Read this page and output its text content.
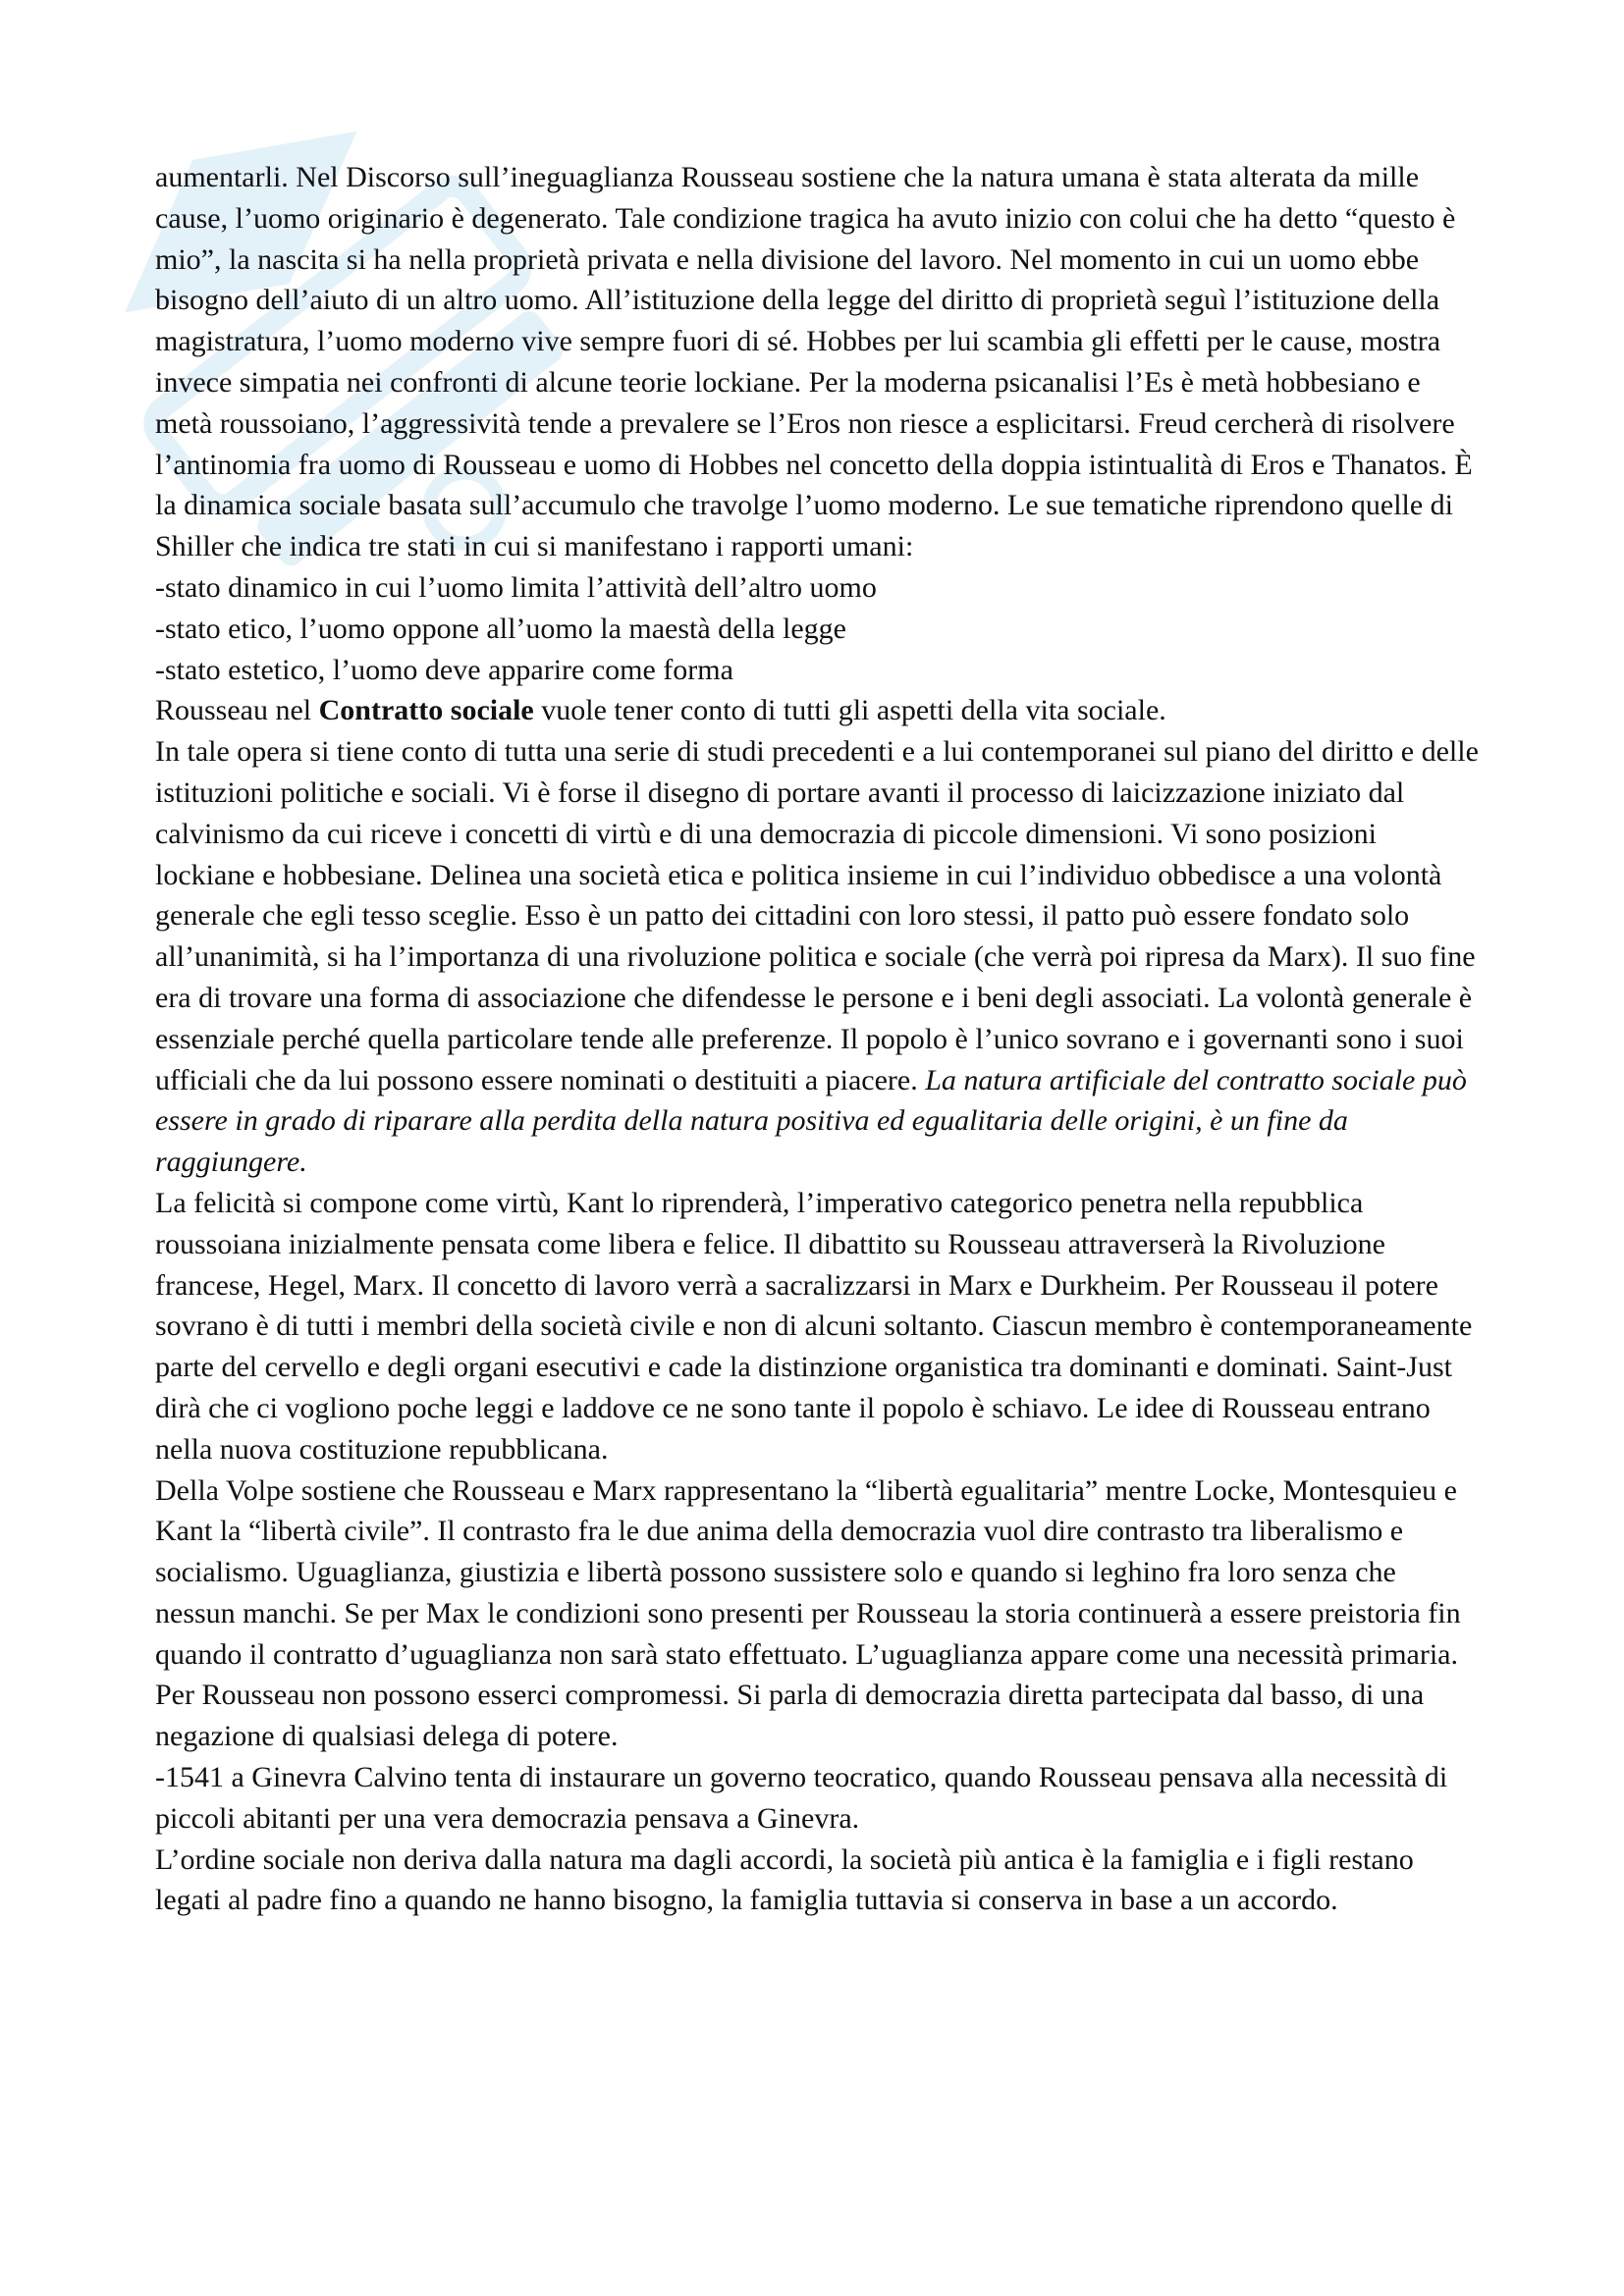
aumentarli. Nel Discorso sull’ineguaglianza Rousseau sostiene che la natura umana è stata alterata da mille cause, l’uomo originario è degenerato. Tale condizione tragica ha avuto inizio con colui che ha detto “questo è mio”, la nascita si ha nella proprietà privata e nella divisione del lavoro. Nel momento in cui un uomo ebbe bisogno dell’aiuto di un altro uomo. All’istituzione della legge del diritto di proprietà seguì l’istituzione della magistratura, l’uomo moderno vive sempre fuori di sé. Hobbes per lui scambia gli effetti per le cause, mostra invece simpatia nei confronti di alcune teorie lockiane. Per la moderna psicanalisi l’Es è metà hobbesiano e metà roussoiano, l’aggressività tende a prevalere se l’Eros non riesce a esplicitarsi. Freud cercherà di risolvere l’antinomia fra uomo di Rousseau e uomo di Hobbes nel concetto della doppia istintualità di Eros e Thanatos. È la dinamica sociale basata sull’accumulo che travolge l’uomo moderno. Le sue tematiche riprendono quelle di Shiller che indica tre stati in cui si manifestano i rapporti umani:

-stato dinamico in cui l’uomo limita l’attività dell’altro uomo

-stato etico, l’uomo oppone all’uomo la maestà della legge

-stato estetico, l’uomo deve apparire come forma

Rousseau nel Contratto sociale vuole tener conto di tutti gli aspetti della vita sociale.

In tale opera si tiene conto di tutta una serie di studi precedenti e a lui contemporanei sul piano del diritto e delle istituzioni politiche e sociali. Vi è forse il disegno di portare avanti il processo di laicizzazione iniziato dal calvinismo da cui riceve i concetti di virtù e di una democrazia di piccole dimensioni. Vi sono posizioni lockiane e hobbesiane. Delinea una società etica e politica insieme in cui l’individuo obbedisce a una volontà generale che egli tesso sceglie. Esso è un patto dei cittadini con loro stessi, il patto può essere fondato solo all’unanimità, si ha l’importanza di una rivoluzione politica e sociale (che verrà poi ripresa da Marx). Il suo fine era di trovare una forma di associazione che difendesse le persone e i beni degli associati. La volontà generale è essenziale perché quella particolare tende alle preferenze. Il popolo è l’unico sovrano e i governanti sono i suoi ufficiali che da lui possono essere nominati o destituiti a piacere. La natura artificiale del contratto sociale può essere in grado di riparare alla perdita della natura positiva ed egualitaria delle origini, è un fine da raggiungere.

La felicità si compone come virtù, Kant lo riprenderà, l’imperativo categorico penetra nella repubblica roussoiana inizialmente pensata come libera e felice. Il dibattito su Rousseau attraverserà la Rivoluzione francese, Hegel, Marx. Il concetto di lavoro verrà a sacralizzarsi in Marx e Durkheim. Per Rousseau il potere sovrano è di tutti i membri della società civile e non di alcuni soltanto. Ciascun membro è contemporaneamente parte del cervello e degli organi esecutivi e cade la distinzione organistica tra dominanti e dominati. Saint-Just dirà che ci vogliono poche leggi e laddove ce ne sono tante il popolo è schiavo. Le idee di Rousseau entrano nella nuova costituzione repubblicana.

Della Volpe sostiene che Rousseau e Marx rappresentano la “libertà egualitaria” mentre Locke, Montesquieu e Kant la “libertà civile”. Il contrasto fra le due anima della democrazia vuol dire contrasto tra liberalismo e socialismo. Uguaglianza, giustizia e libertà possono sussistere solo e quando si leghino fra loro senza che nessun manchi. Se per Max le condizioni sono presenti per Rousseau la storia continuerà a essere preistoria fin quando il contratto d’uguaglianza non sarà stato effettuato. L’uguaglianza appare come una necessità primaria. Per Rousseau non possono esserci compromessi. Si parla di democrazia diretta partecipata dal basso, di una negazione di qualsiasi delega di potere.

-1541 a Ginevra Calvino tenta di instaurare un governo teocratico, quando Rousseau pensava alla necessità di piccoli abitanti per una vera democrazia pensava a Ginevra.

L’ordine sociale non deriva dalla natura ma dagli accordi, la società più antica è la famiglia e i figli restano legati al padre fino a quando ne hanno bisogno, la famiglia tuttavia si conserva in base a un accordo.
